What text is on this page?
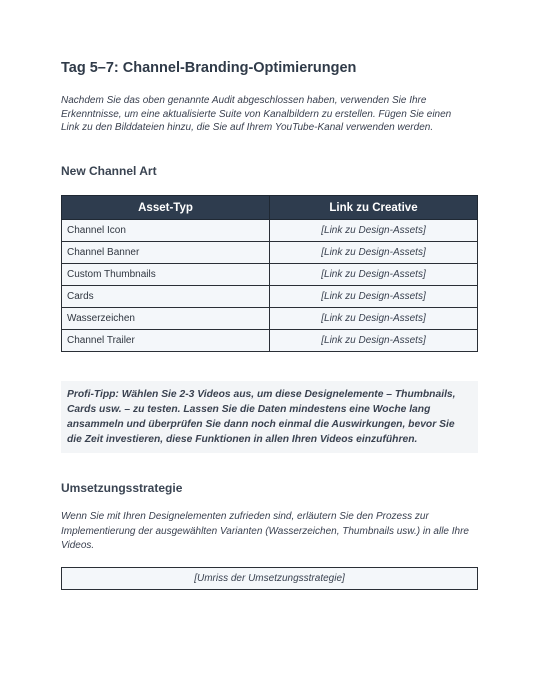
Tag 5–7: Channel-Branding-Optimierungen

Nachdem Sie das oben genannte Audit abgeschlossen haben, verwenden Sie Ihre Erkenntnisse, um eine aktualisierte Suite von Kanalbildern zu erstellen. Fügen Sie einen Link zu den Bilddateien hinzu, die Sie auf Ihrem YouTube-Kanal verwenden werden.

New Channel Art
Asset-Typ	Link zu Creative
Channel Icon	[Link zu Design-Assets]
Channel Banner	[Link zu Design-Assets]
Custom Thumbnails	[Link zu Design-Assets]
Cards	[Link zu Design-Assets]
Wasserzeichen	[Link zu Design-Assets]
Channel Trailer	[Link zu Design-Assets]
Profi-Tipp: Wählen Sie 2-3 Videos aus, um diese Designelemente – Thumbnails, Cards usw. – zu testen. Lassen Sie die Daten mindestens eine Woche lang ansammeln und überprüfen Sie dann noch einmal die Auswirkungen, bevor Sie die Zeit investieren, diese Funktionen in allen Ihren Videos einzuführen.
Umsetzungsstrategie

Wenn Sie mit Ihren Designelementen zufrieden sind, erläutern Sie den Prozess zur Implementierung der ausgewählten Varianten (Wasserzeichen, Thumbnails usw.) in alle Ihre Videos.

[Umriss der Umsetzungsstrategie]
